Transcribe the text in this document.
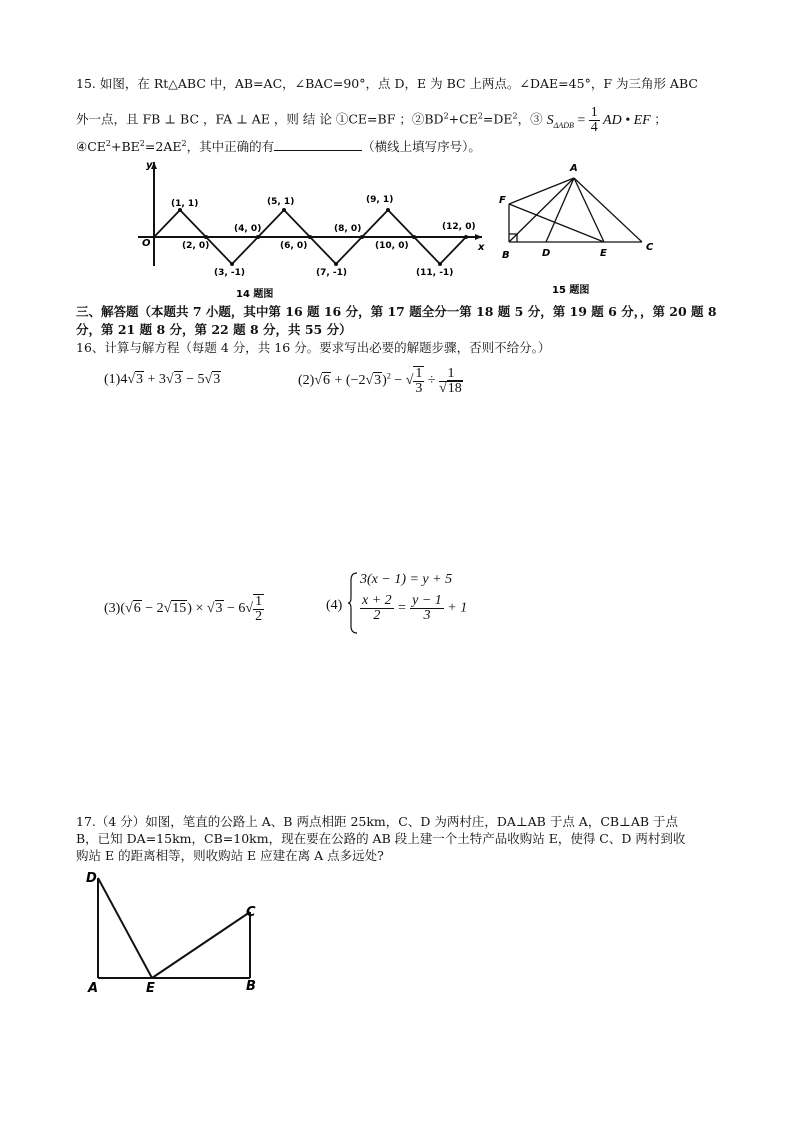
15. 如图，在 Rt△ABC 中，AB=AC，∠BAC=90°，点 D，E 为 BC 上两点。∠DAE=45°，F 为三角形 ABC
外一点，且 FB ⊥ BC ，FA ⊥ AE ，则 结 论 ①CE=BF ；$②BD^2+CE^2=DE^2$，③ $S_{\Delta ADB} = \frac{1}{4}$ AD • EF ；
$④CE^2+BE^2=2AE^2$，其中正确的有	（横线上填写序号）。
x
y
O
(1, 1)
(2, 0)
(3, -1)
(4, 0)
(5, 1)
(6, 0)
(7, -1)
(8, 0)
(9, 1)
(10, 0)
(11, -1)
(12, 0)
14 题图
A
F
B	D	E
C
15 题图
三、解答题（本题共 7 小题，其中第 16 题 16 分，第 17 题全分一第 18 题 5 分，第 19 题 6 分，，第 20 题 8
分，第 21 题 8 分，第 22 题 8 分，共 55 分）
16、计算与解方程（每题 4 分，共 16 分。要求写出必要的解题步骤，否则不给分。）
(1)4√3 + 3√3 − 5√3	$(2)√6 + (-2√3)^2$ − √ $\frac{1}{3} \div \frac{1}{√18}$
$(3)(√6 - 2√15) \times √3 - 6√ \frac{1}{2}$	(4)
3(x − 1) = y + 5
$\frac{x + 2}{2} = \frac{y - 1}{3} + 1$
17.（4 分）如图，笔直的公路上 A、B 两点相距 25km，C、D 为两村庄，DA⊥AB 于点 A，CB⊥AB 于点
B，已知 DA=15km，CB=10km，现在要在公路的 AB 段上建一个土特产品收购站 E，使得 C、D 两村到收
购站 E 的距离相等，则收购站 E 应建在离 A 点多远处?
D
C
A	E	B
